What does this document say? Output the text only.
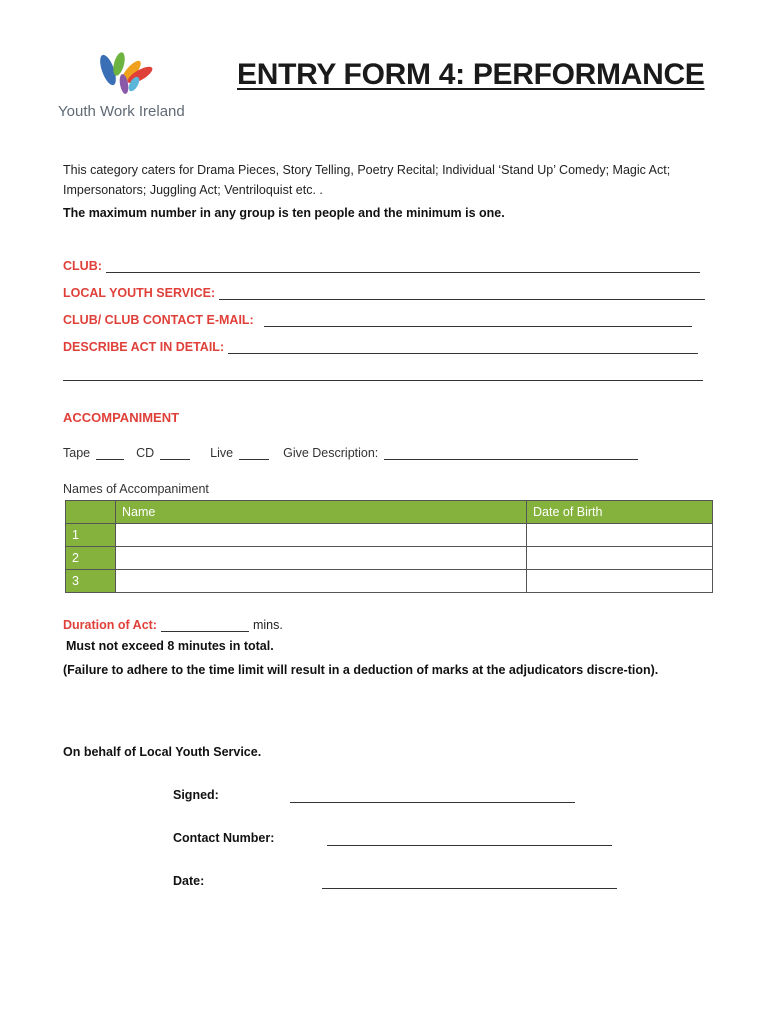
Youth Work Ireland
ENTRY FORM 4: PERFORMANCE
This category caters for Drama Pieces, Story Telling, Poetry Recital; Individual ‘Stand Up’ Comedy; Magic Act; Impersonators; Juggling Act; Ventriloquist etc. .
The maximum number in any group is ten people and the minimum is one.
CLUB:
LOCAL YOUTH SERVICE:
CLUB/ CLUB CONTACT E-MAIL:
DESCRIBE ACT IN DETAIL:
ACCOMPANIMENT
Tape	CD	Live	Give Description:
Names of Accompaniment
	Name	Date of Birth
1		
2		
3		
Duration of Act:	mins.
Must not exceed 8 minutes in total.
(Failure to adhere to the time limit will result in a deduction of marks at the adjudicators discre-tion).
On behalf of Local Youth Service.
Signed:
Contact Number:
Date:
